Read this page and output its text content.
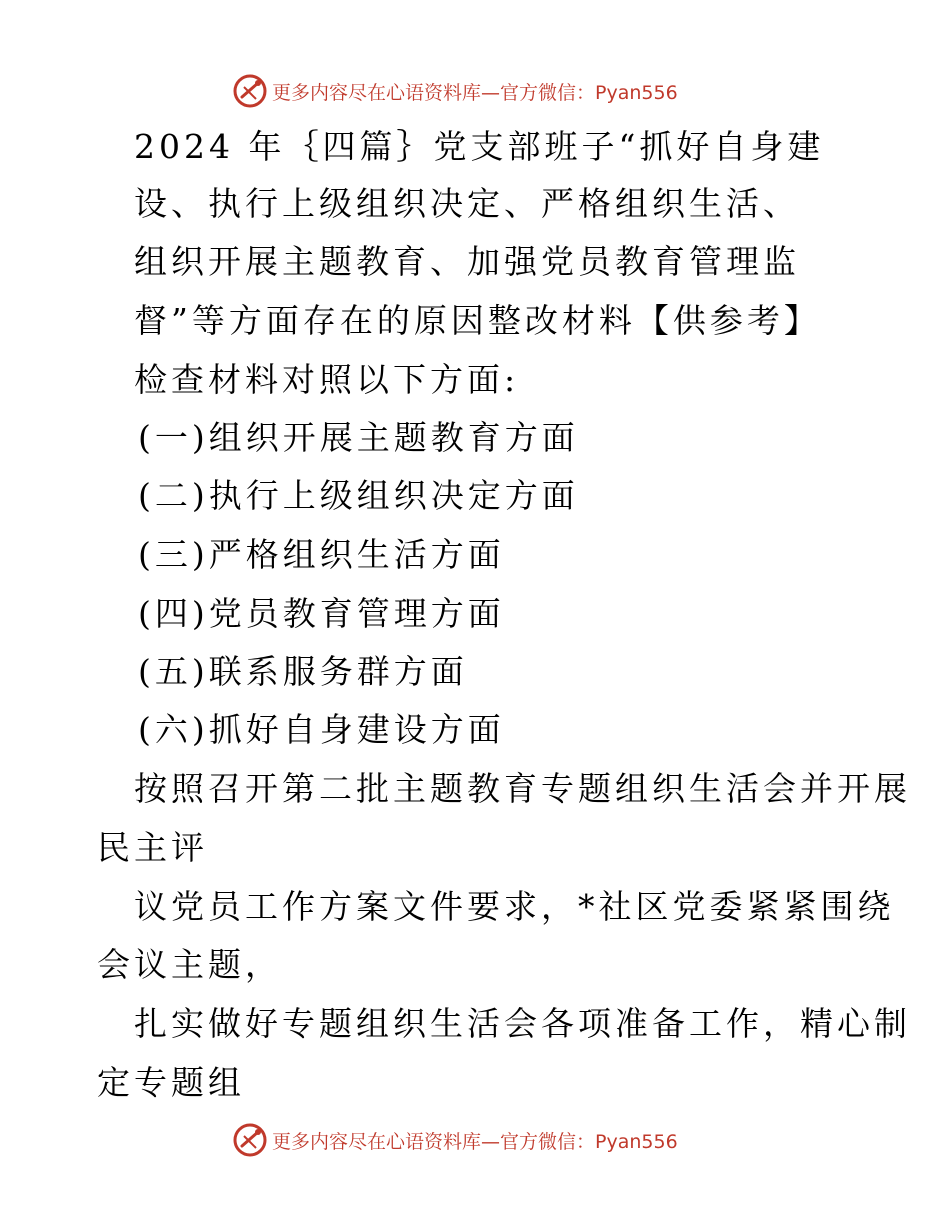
更多内容尽在心语资料库—官方微信：Pyan556
2024 年｛四篇｝党支部班子“抓好自身建
设、执行上级组织决定、严格组织生活、
组织开展主题教育、加强党员教育管理监
督”等方面存在的原因整改材料【供参考】
检查材料对照以下方面:
(一)组织开展主题教育方面
(二)执行上级组织决定方面
(三)严格组织生活方面
(四)党员教育管理方面
(五)联系服务群方面
(六)抓好自身建设方面
按照召开第二批主题教育专题组织生活会并开展
民主评
议党员工作方案文件要求，*社区党委紧紧围绕
会议主题，
扎实做好专题组织生活会各项准备工作，精心制
定专题组
更多内容尽在心语资料库—官方微信：Pyan556
